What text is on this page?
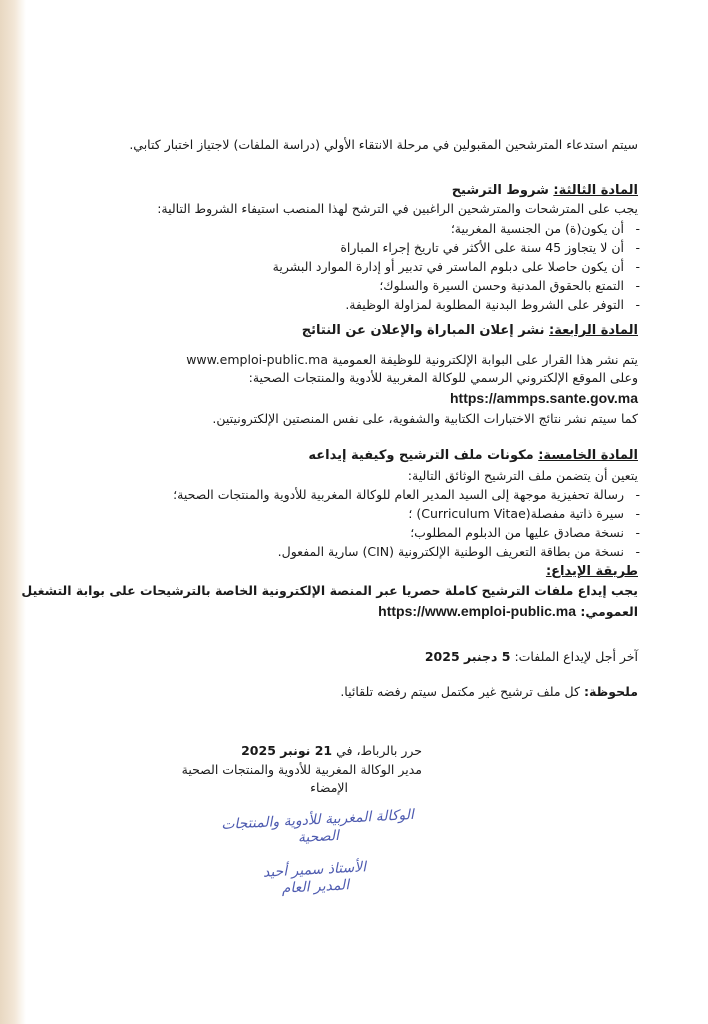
سيتم استدعاء المترشحين المقبولين في مرحلة الانتقاء الأولي (دراسة الملفات) لاجتياز اختبار كتابي.
المادة الثالثة: شروط الترشيح
يجب على المترشحات والمترشحين الراغبين في الترشح لهذا المنصب استيفاء الشروط التالية:
- أن يكون(ة) من الجنسية المغربية؛
- أن لا يتجاوز 45 سنة على الأكثر في تاريخ إجراء المباراة
- أن يكون حاصلا على دبلوم الماستر في تدبير أو إدارة الموارد البشرية
- التمتع بالحقوق المدنية وحسن السيرة والسلوك؛
- التوفر على الشروط البدنية المطلوبة لمزاولة الوظيفة.
المادة الرابعة: نشر إعلان المباراة والإعلان عن النتائج
يتم نشر هذا القرار على البوابة الإلكترونية للوظيفة العمومية www.emploi-public.ma
وعلى الموقع الإلكتروني الرسمي للوكالة المغربية للأدوية والمنتجات الصحية:
https://ammps.sante.gov.ma
كما سيتم نشر نتائج الاختبارات الكتابية والشفوية، على نفس المنصتين الإلكترونيتين.
المادة الخامسة: مكونات ملف الترشيح وكيفية إيداعه
يتعين أن يتضمن ملف الترشيح الوثائق التالية:
- رسالة تحفيزية موجهة إلى السيد المدير العام للوكالة المغربية للأدوية والمنتجات الصحية؛
- سيرة ذاتية مفصلة(Curriculum Vitae) ؛
- نسخة مصادق عليها من الدبلوم المطلوب؛
- نسخة من بطاقة التعريف الوطنية الإلكترونية (CIN) سارية المفعول.
طريقة الإيداع:
يجب إيداع ملفات الترشيح كاملة حصريا عبر المنصة الإلكترونية الخاصة بالترشيحات على بوابة التشغيل
العمومي: https://www.emploi-public.ma
آخر أجل لإيداع الملفات: 5 دجنبر 2025
ملحوظة: كل ملف ترشيح غير مكتمل سيتم رفضه تلقائيا.
حرر بالرباط، في 21 نونبر 2025
مدير الوكالة المغربية للأدوية والمنتجات الصحية
الإمضاء
الوكالة المغربية للأدوية والمنتجات
الصحية
الأستاذ سمير أحيد
المدير العام
